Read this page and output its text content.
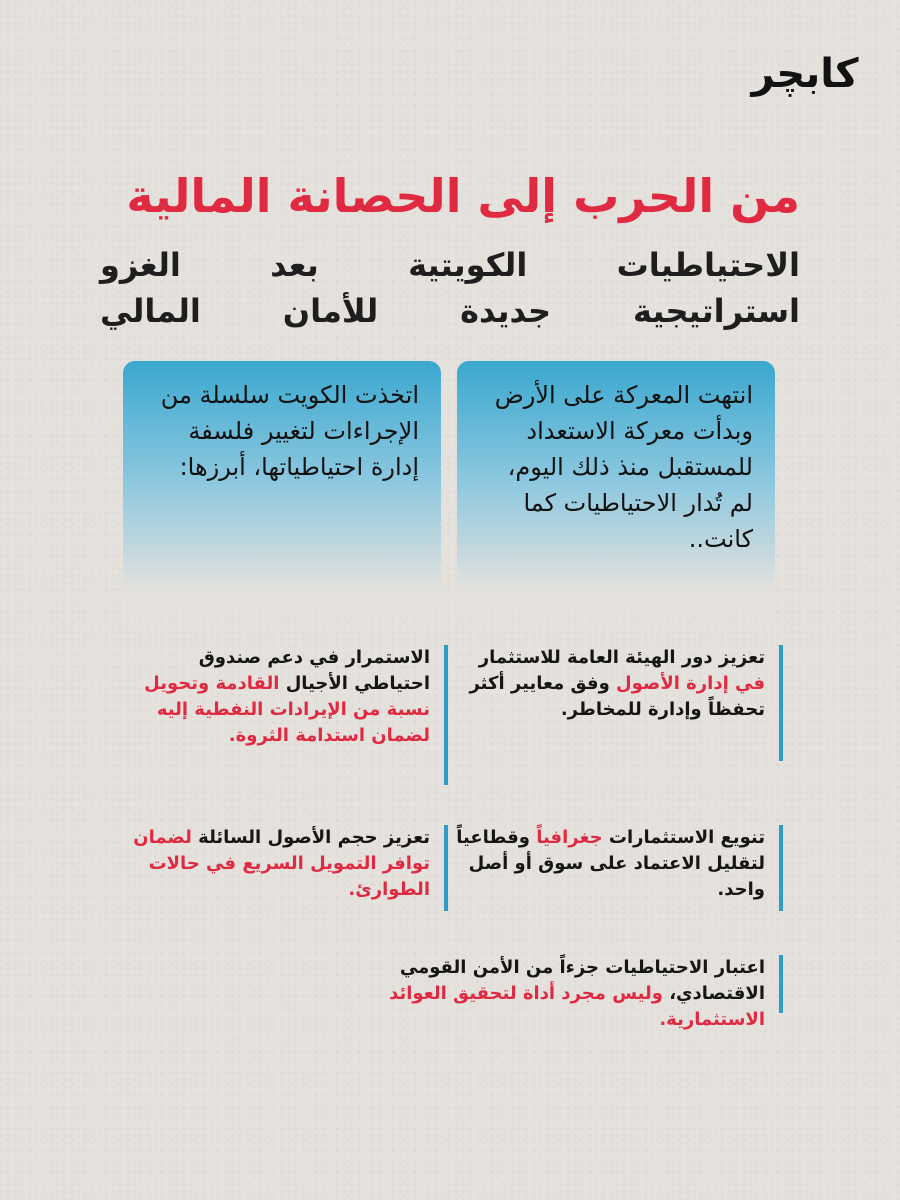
كابچر
من الحرب إلى الحصانة المالية
الاحتياطيات الكويتية بعد الغزو
استراتيجية جديدة للأمان المالي
انتهت المعركة على الأرض وبدأت معركة الاستعداد للمستقبل منذ ذلك اليوم، لم تُدار الاحتياطيات كما كانت..
اتخذت الكويت سلسلة من الإجراءات لتغيير فلسفة إدارة احتياطياتها، أبرزها:
تعزيز دور الهيئة العامة للاستثمار في إدارة الأصول وفق معايير أكثر تحفظاً وإدارة للمخاطر.
الاستمرار في دعم صندوق احتياطي الأجيال القادمة وتحويل نسبة من الإيرادات النفطية إليه لضمان استدامة الثروة.
تنويع الاستثمارات جغرافياً وقطاعياً لتقليل الاعتماد على سوق أو أصل واحد.
تعزيز حجم الأصول السائلة لضمان توافر التمويل السريع في حالات الطوارئ.
اعتبار الاحتياطيات جزءاً من الأمن القومي الاقتصادي، وليس مجرد أداة لتحقيق العوائد الاستثمارية.
